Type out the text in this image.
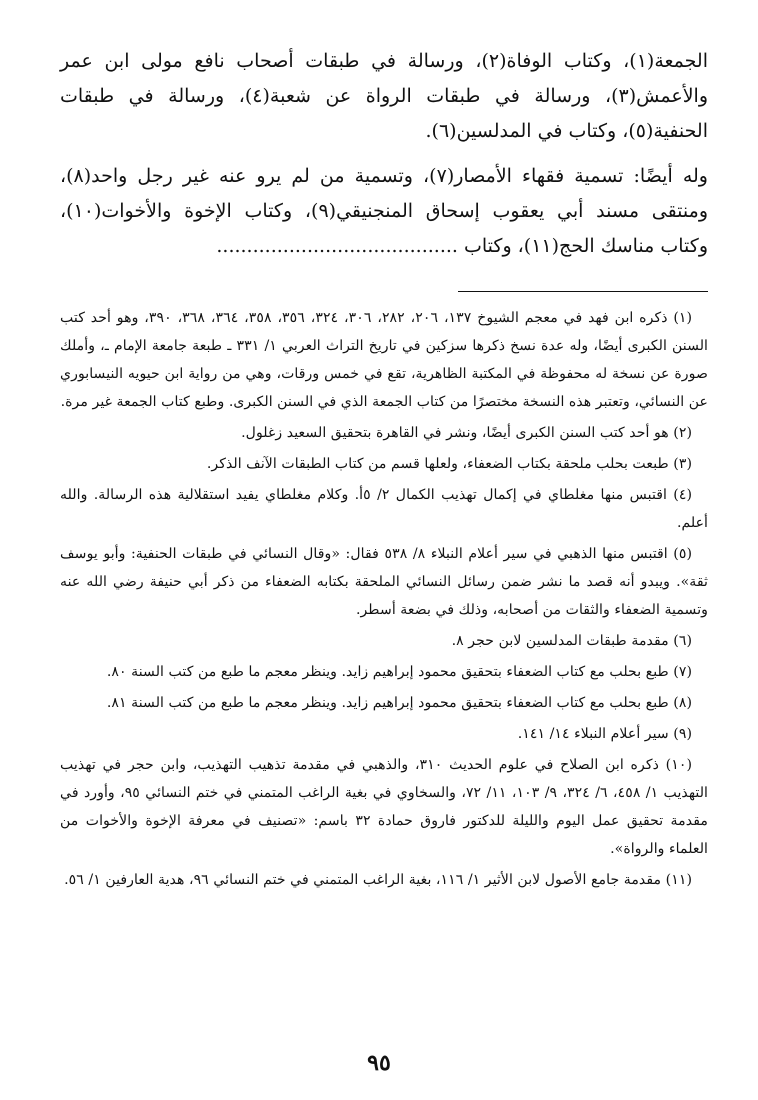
الجمعة(١)، وكتاب الوفاة(٢)، ورسالة في طبقات أصحاب نافع مولى ابن عمر والأعمش(٣)، ورسالة في طبقات الرواة عن شعبة(٤)، ورسالة في طبقات الحنفية(٥)، وكتاب في المدلسين(٦).

وله أيضًا: تسمية فقهاء الأمصار(٧)، وتسمية من لم يرو عنه غير رجل واحد(٨)، ومنتقى مسند أبي يعقوب إسحاق المنجنيقي(٩)، وكتاب الإخوة والأخوات(١٠)، وكتاب مناسك الحج(١١)، وكتاب ........................................

(١) ذكره ابن فهد في معجم الشيوخ ١٣٧، ٢٠٦، ٢٨٢، ٣٠٦، ٣٢٤، ٣٥٦، ٣٥٨، ٣٦٤، ٣٦٨، ٣٩٠، وهو أحد كتب السنن الكبرى أيضًا، وله عدة نسخ ذكرها سزكين في تاريخ التراث العربي ١/ ٣٣١ ـ طبعة جامعة الإمام ـ، وأملك صورة عن نسخة له محفوظة في المكتبة الظاهرية، تقع في خمس ورقات، وهي من رواية ابن حيويه النيسابوري عن النسائي، وتعتبر هذه النسخة مختصرًا من كتاب الجمعة الذي في السنن الكبرى. وطبع كتاب الجمعة غير مرة.

(٢) هو أحد كتب السنن الكبرى أيضًا، ونشر في القاهرة بتحقيق السعيد زغلول.

(٣) طبعت بحلب ملحقة بكتاب الضعفاء، ولعلها قسم من كتاب الطبقات الآنف الذكر.

(٤) اقتبس منها مغلطاي في إكمال تهذيب الكمال ٢/ ٥أ. وكلام مغلطاي يفيد استقلالية هذه الرسالة. والله أعلم.

(٥) اقتبس منها الذهبي في سير أعلام النبلاء ٨/ ٥٣٨ فقال: «وقال النسائي في طبقات الحنفية: وأبو يوسف ثقة». ويبدو أنه قصد ما نشر ضمن رسائل النسائي الملحقة بكتابه الضعفاء من ذكر أبي حنيفة رضي الله عنه وتسمية الضعفاء والثقات من أصحابه، وذلك في بضعة أسطر.

(٦) مقدمة طبقات المدلسين لابن حجر ٨.

(٧) طبع بحلب مع كتاب الضعفاء بتحقيق محمود إبراهيم زايد. وينظر معجم ما طبع من كتب السنة ٨٠.

(٨) طبع بحلب مع كتاب الضعفاء بتحقيق محمود إبراهيم زايد. وينظر معجم ما طبع من كتب السنة ٨١.

(٩) سير أعلام النبلاء ١٤/ ١٤١.

(١٠) ذكره ابن الصلاح في علوم الحديث ٣١٠، والذهبي في مقدمة تذهيب التهذيب، وابن حجر في تهذيب التهذيب ١/ ٤٥٨، ٦/ ٣٢٤، ٩/ ١٠٣، ١١/ ٧٢، والسخاوي في بغية الراغب المتمني في ختم النسائي ٩٥، وأورد في مقدمة تحقيق عمل اليوم والليلة للدكتور فاروق حمادة ٣٢ باسم: «تصنيف في معرفة الإخوة والأخوات من العلماء والرواة».

(١١) مقدمة جامع الأصول لابن الأثير ١/ ١١٦، بغية الراغب المتمني في ختم النسائي ٩٦، هدية العارفين ١/ ٥٦.

٩٥
